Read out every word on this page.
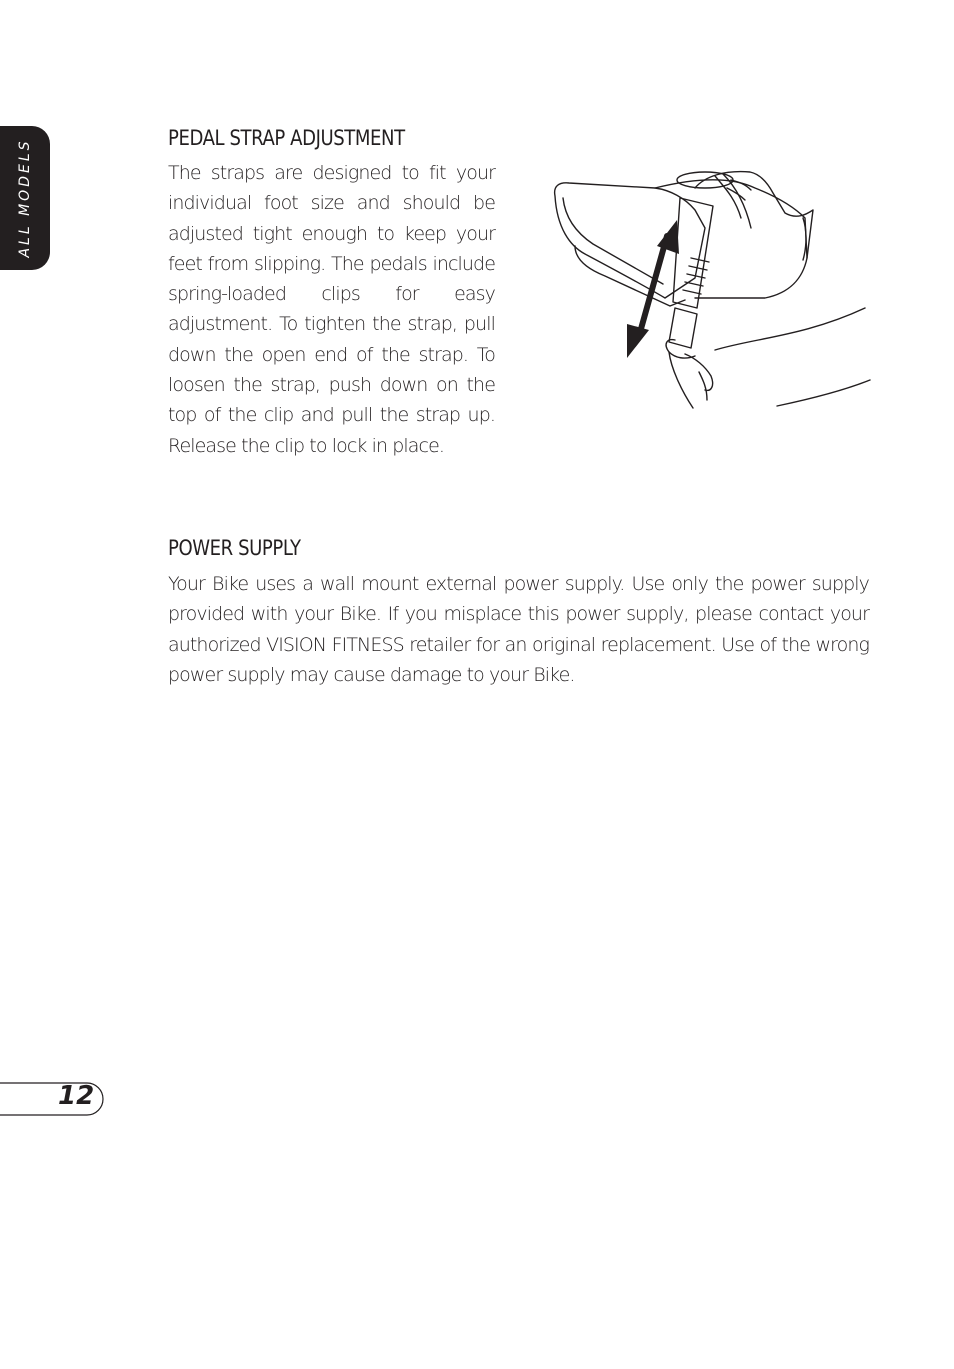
ALL MODELS
PEDAL STRAP ADJUSTMENT

The straps are designed to fit your individual foot size and should be adjusted tight enough to keep your feet from slipping. The pedals include spring-loaded clips for easy adjustment. To tighten the strap, pull down the open end of the strap. To loosen the strap, push down on the top of the clip and pull the strap up. Release the clip to lock in place.

POWER SUPPLY

Your Bike uses a wall mount external power supply. Use only the power supply provided with your Bike. If you misplace this power supply, please contact your authorized VISION FITNESS retailer for an original replacement. Use of the wrong power supply may cause damage to your Bike.

12
